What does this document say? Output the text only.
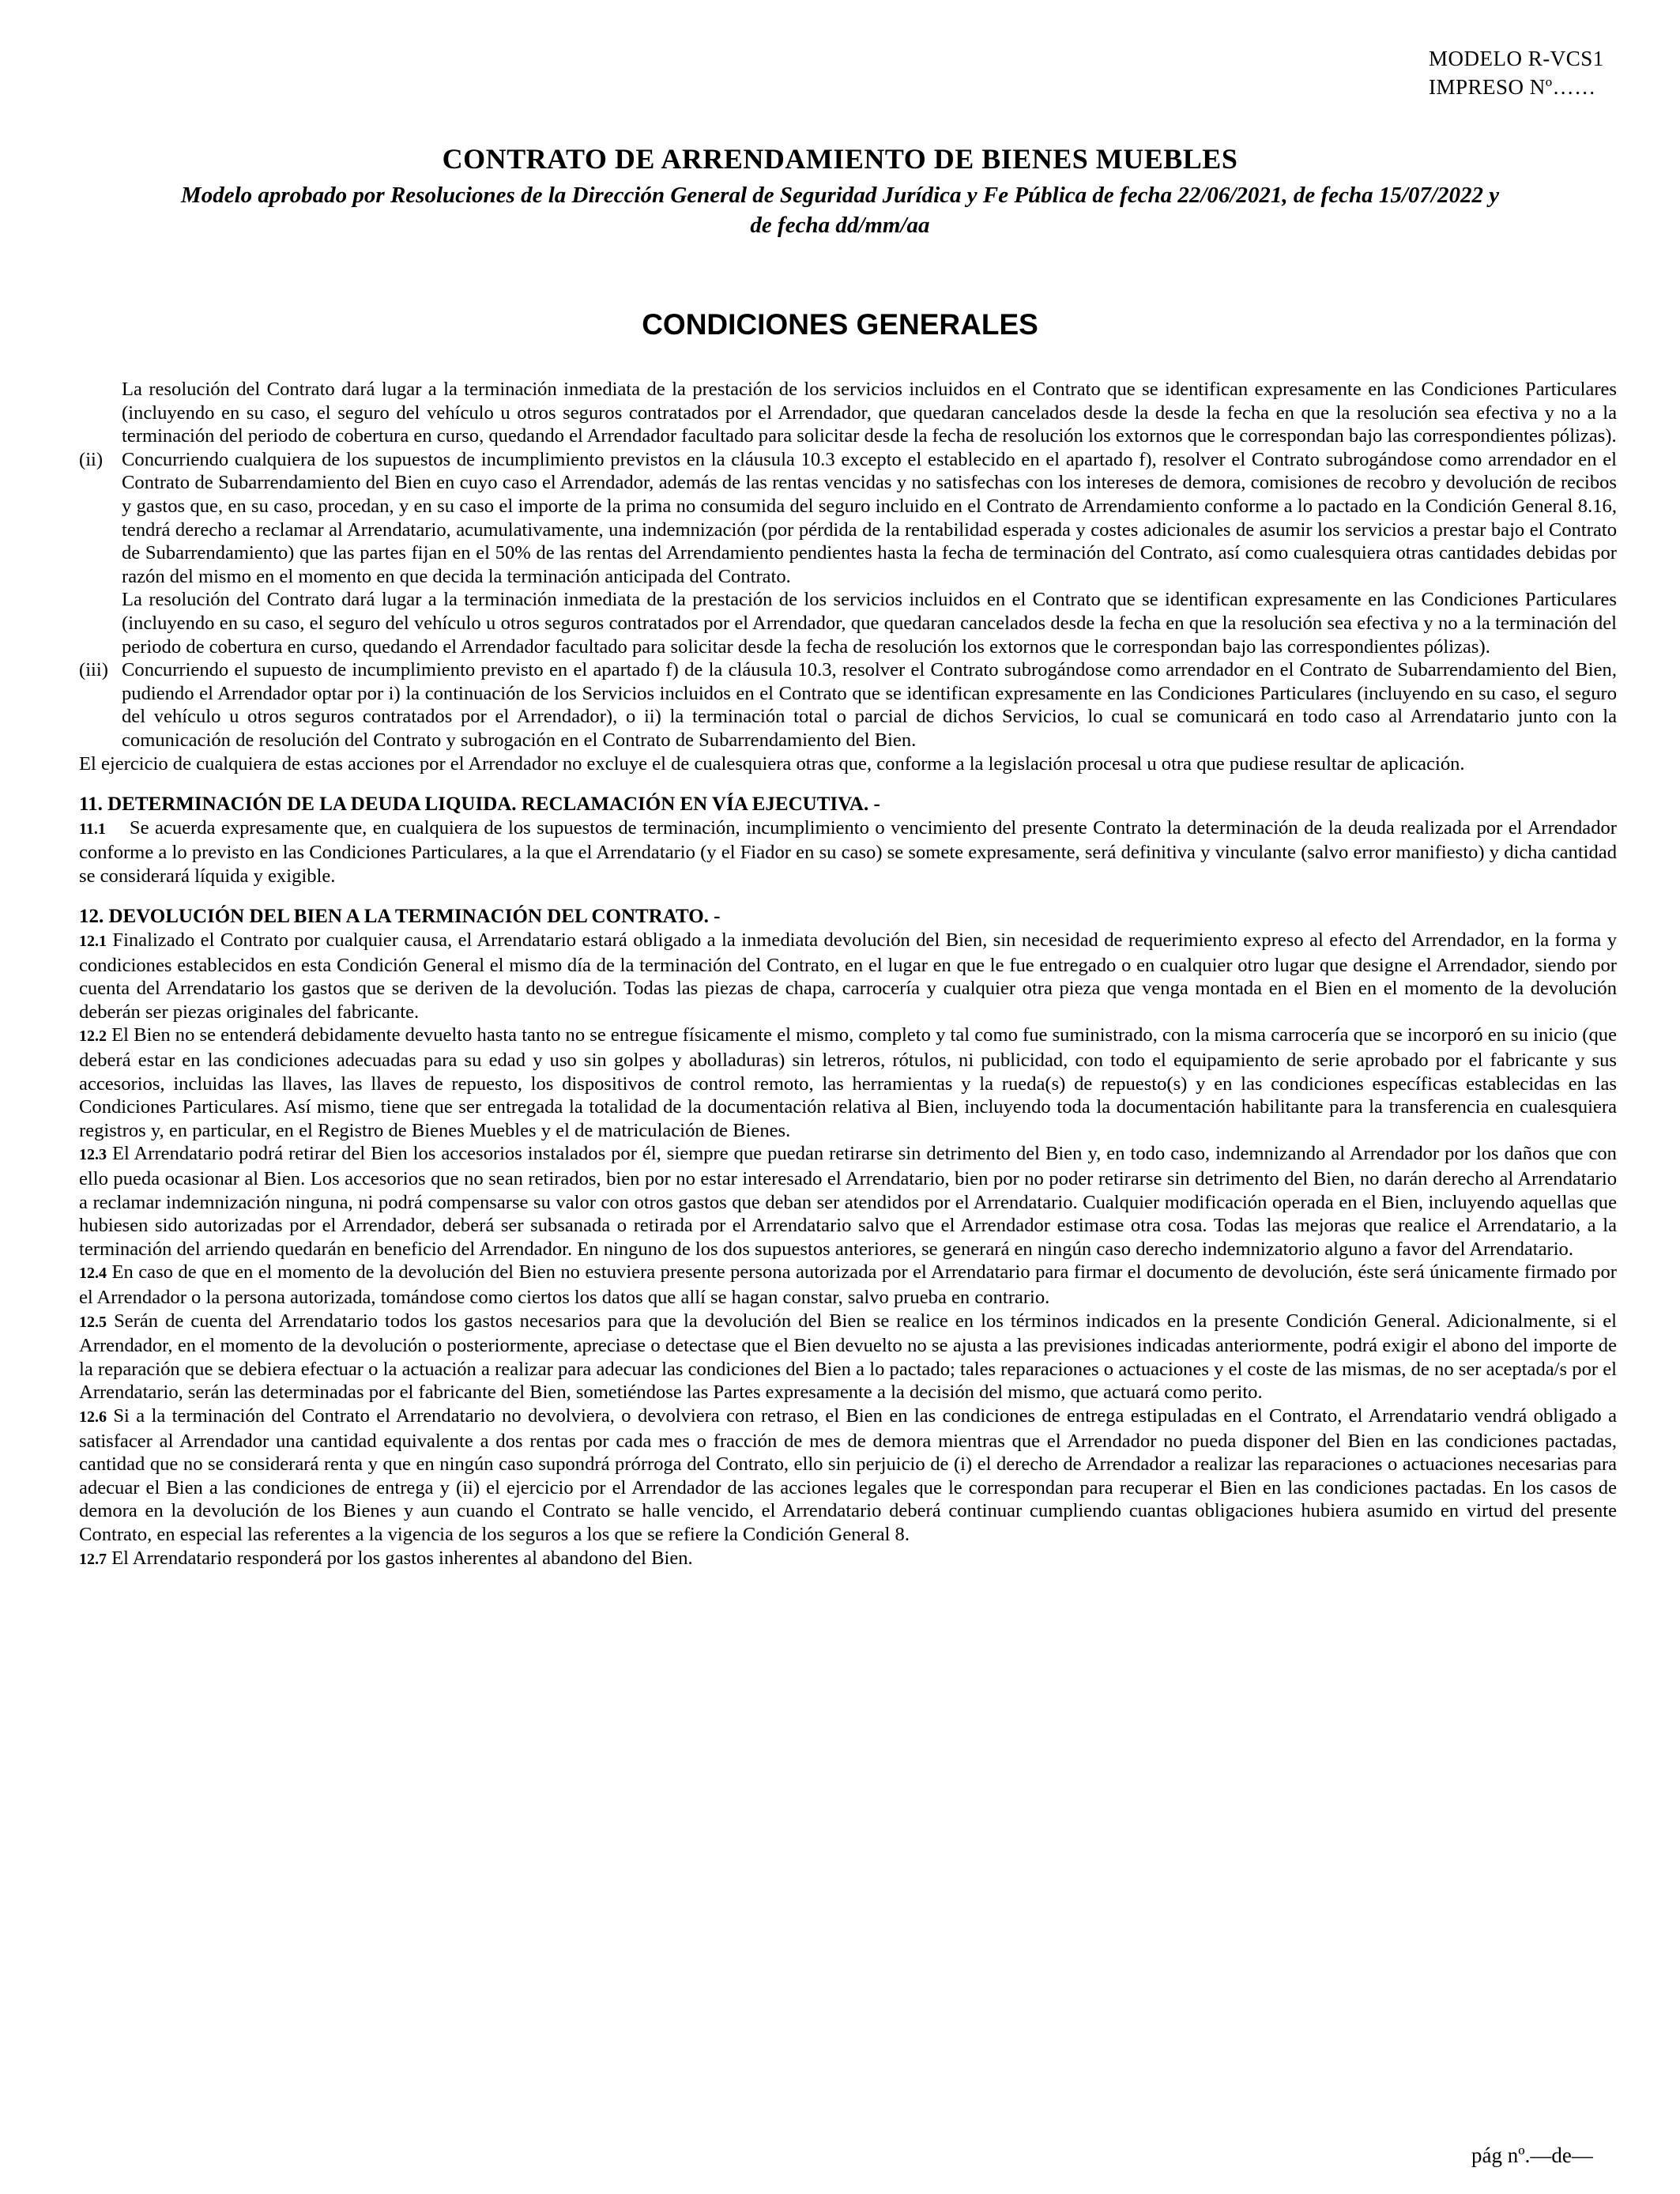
MODELO R-VCS1
IMPRESO Nº……
CONTRATO DE ARRENDAMIENTO DE BIENES MUEBLES
Modelo aprobado por Resoluciones de la Dirección General de Seguridad Jurídica y Fe Pública de fecha 22/06/2021, de fecha 15/07/2022 y de fecha dd/mm/aa
CONDICIONES GENERALES

La resolución del Contrato dará lugar a la terminación inmediata de la prestación de los servicios incluidos en el Contrato que se identifican expresamente en las Condiciones Particulares (incluyendo en su caso, el seguro del vehículo u otros seguros contratados por el Arrendador, que quedaran cancelados desde la desde la fecha en que la resolución sea efectiva y no a la terminación del periodo de cobertura en curso, quedando el Arrendador facultado para solicitar desde la fecha de resolución los extornos que le correspondan bajo las correspondientes pólizas).

(ii) Concurriendo cualquiera de los supuestos de incumplimiento previstos en la cláusula 10.3 excepto el establecido en el apartado f), resolver el Contrato subrogándose como arrendador en el Contrato de Subarrendamiento del Bien en cuyo caso el Arrendador, además de las rentas vencidas y no satisfechas con los intereses de demora, comisiones de recobro y devolución de recibos y gastos que, en su caso, procedan, y en su caso el importe de la prima no consumida del seguro incluido en el Contrato de Arrendamiento conforme a lo pactado en la Condición General 8.16, tendrá derecho a reclamar al Arrendatario, acumulativamente, una indemnización (por pérdida de la rentabilidad esperada y costes adicionales de asumir los servicios a prestar bajo el Contrato de Subarrendamiento) que las partes fijan en el 50% de las rentas del Arrendamiento pendientes hasta la fecha de terminación del Contrato, así como cualesquiera otras cantidades debidas por razón del mismo en el momento en que decida la terminación anticipada del Contrato.

La resolución del Contrato dará lugar a la terminación inmediata de la prestación de los servicios incluidos en el Contrato que se identifican expresamente en las Condiciones Particulares (incluyendo en su caso, el seguro del vehículo u otros seguros contratados por el Arrendador, que quedaran cancelados desde la fecha en que la resolución sea efectiva y no a la terminación del periodo de cobertura en curso, quedando el Arrendador facultado para solicitar desde la fecha de resolución los extornos que le correspondan bajo las correspondientes pólizas).

(iii) Concurriendo el supuesto de incumplimiento previsto en el apartado f) de la cláusula 10.3, resolver el Contrato subrogándose como arrendador en el Contrato de Subarrendamiento del Bien, pudiendo el Arrendador optar por i) la continuación de los Servicios incluidos en el Contrato que se identifican expresamente en las Condiciones Particulares (incluyendo en su caso, el seguro del vehículo u otros seguros contratados por el Arrendador), o ii) la terminación total o parcial de dichos Servicios, lo cual se comunicará en todo caso al Arrendatario junto con la comunicación de resolución del Contrato y subrogación en el Contrato de Subarrendamiento del Bien.

El ejercicio de cualquiera de estas acciones por el Arrendador no excluye el de cualesquiera otras que, conforme a la legislación procesal u otra que pudiese resultar de aplicación.

11. DETERMINACIÓN DE LA DEUDA LIQUIDA. RECLAMACIÓN EN VÍA EJECUTIVA. -

11.1 Se acuerda expresamente que, en cualquiera de los supuestos de terminación, incumplimiento o vencimiento del presente Contrato la determinación de la deuda realizada por el Arrendador conforme a lo previsto en las Condiciones Particulares, a la que el Arrendatario (y el Fiador en su caso) se somete expresamente, será definitiva y vinculante (salvo error manifiesto) y dicha cantidad se considerará líquida y exigible.

12. DEVOLUCIÓN DEL BIEN A LA TERMINACIÓN DEL CONTRATO. -

12.1 Finalizado el Contrato por cualquier causa, el Arrendatario estará obligado a la inmediata devolución del Bien, sin necesidad de requerimiento expreso al efecto del Arrendador, en la forma y condiciones establecidos en esta Condición General el mismo día de la terminación del Contrato, en el lugar en que le fue entregado o en cualquier otro lugar que designe el Arrendador, siendo por cuenta del Arrendatario los gastos que se deriven de la devolución. Todas las piezas de chapa, carrocería y cualquier otra pieza que venga montada en el Bien en el momento de la devolución deberán ser piezas originales del fabricante.

12.2 El Bien no se entenderá debidamente devuelto hasta tanto no se entregue físicamente el mismo, completo y tal como fue suministrado, con la misma carrocería que se incorporó en su inicio (que deberá estar en las condiciones adecuadas para su edad y uso sin golpes y abolladuras) sin letreros, rótulos, ni publicidad, con todo el equipamiento de serie aprobado por el fabricante y sus accesorios, incluidas las llaves, las llaves de repuesto, los dispositivos de control remoto, las herramientas y la rueda(s) de repuesto(s) y en las condiciones específicas establecidas en las Condiciones Particulares. Así mismo, tiene que ser entregada la totalidad de la documentación relativa al Bien, incluyendo toda la documentación habilitante para la transferencia en cualesquiera registros y, en particular, en el Registro de Bienes Muebles y el de matriculación de Bienes.

12.3 El Arrendatario podrá retirar del Bien los accesorios instalados por él, siempre que puedan retirarse sin detrimento del Bien y, en todo caso, indemnizando al Arrendador por los daños que con ello pueda ocasionar al Bien. Los accesorios que no sean retirados, bien por no estar interesado el Arrendatario, bien por no poder retirarse sin detrimento del Bien, no darán derecho al Arrendatario a reclamar indemnización ninguna, ni podrá compensarse su valor con otros gastos que deban ser atendidos por el Arrendatario. Cualquier modificación operada en el Bien, incluyendo aquellas que hubiesen sido autorizadas por el Arrendador, deberá ser subsanada o retirada por el Arrendatario salvo que el Arrendador estimase otra cosa. Todas las mejoras que realice el Arrendatario, a la terminación del arriendo quedarán en beneficio del Arrendador. En ninguno de los dos supuestos anteriores, se generará en ningún caso derecho indemnizatorio alguno a favor del Arrendatario.

12.4 En caso de que en el momento de la devolución del Bien no estuviera presente persona autorizada por el Arrendatario para firmar el documento de devolución, éste será únicamente firmado por el Arrendador o la persona autorizada, tomándose como ciertos los datos que allí se hagan constar, salvo prueba en contrario.

12.5 Serán de cuenta del Arrendatario todos los gastos necesarios para que la devolución del Bien se realice en los términos indicados en la presente Condición General. Adicionalmente, si el Arrendador, en el momento de la devolución o posteriormente, apreciase o detectase que el Bien devuelto no se ajusta a las previsiones indicadas anteriormente, podrá exigir el abono del importe de la reparación que se debiera efectuar o la actuación a realizar para adecuar las condiciones del Bien a lo pactado; tales reparaciones o actuaciones y el coste de las mismas, de no ser aceptada/s por el Arrendatario, serán las determinadas por el fabricante del Bien, sometiéndose las Partes expresamente a la decisión del mismo, que actuará como perito.

12.6 Si a la terminación del Contrato el Arrendatario no devolviera, o devolviera con retraso, el Bien en las condiciones de entrega estipuladas en el Contrato, el Arrendatario vendrá obligado a satisfacer al Arrendador una cantidad equivalente a dos rentas por cada mes o fracción de mes de demora mientras que el Arrendador no pueda disponer del Bien en las condiciones pactadas, cantidad que no se considerará renta y que en ningún caso supondrá prórroga del Contrato, ello sin perjuicio de (i) el derecho de Arrendador a realizar las reparaciones o actuaciones necesarias para adecuar el Bien a las condiciones de entrega y (ii) el ejercicio por el Arrendador de las acciones legales que le correspondan para recuperar el Bien en las condiciones pactadas. En los casos de demora en la devolución de los Bienes y aun cuando el Contrato se halle vencido, el Arrendatario deberá continuar cumpliendo cuantas obligaciones hubiera asumido en virtud del presente Contrato, en especial las referentes a la vigencia de los seguros a los que se refiere la Condición General 8.

12.7 El Arrendatario responderá por los gastos inherentes al abandono del Bien.

pág nº.—de—
